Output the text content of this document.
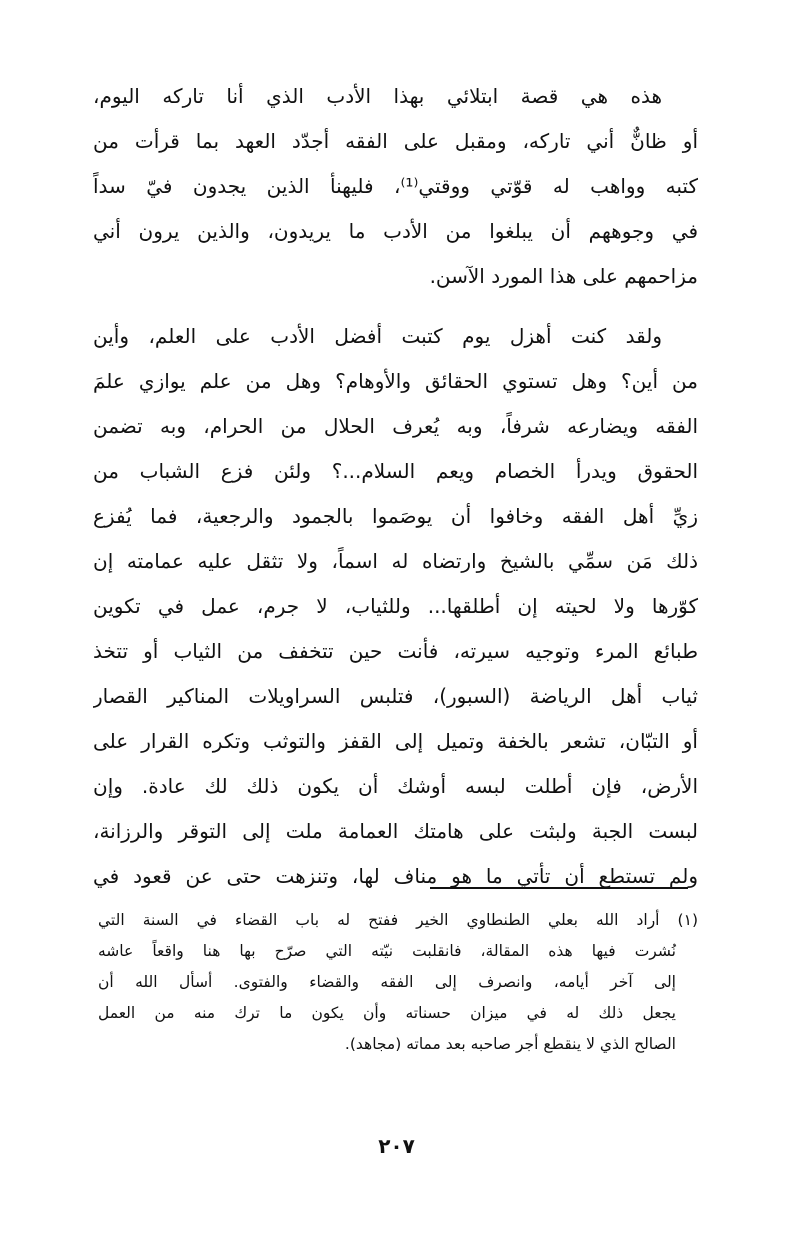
هذه هي قصة ابتلائي بهذا الأدب الذي أنا تاركه اليوم،
أو ظانٌّ أني تاركه، ومقبل على الفقه أجدّد العهد بما قرأت من
كتبه وواهب له قوّتي ووقتي⁽¹⁾، فليهنأ الذين يجدون فيّ سداً
في وجوههم أن يبلغوا من الأدب ما يريدون، والذين يرون أني
مزاحمهم على هذا المورد الآسن.

ولقد كنت أهزل يوم كتبت أفضل الأدب على العلم، وأين
من أين؟ وهل تستوي الحقائق والأوهام؟ وهل من علم يوازي علمَ
الفقه ويضارعه شرفاً، وبه يُعرف الحلال من الحرام، وبه تضمن
الحقوق ويدرأ الخصام ويعم السلام...؟ ولئن فزع الشباب من
زيِّ أهل الفقه وخافوا أن يوصَموا بالجمود والرجعية، فما يُفزع
ذلك مَن سمِّي بالشيخ وارتضاه له اسماً، ولا تثقل عليه عمامته إن
كوّرها ولا لحيته إن أطلقها... وللثياب، لا جرم، عمل في تكوين
طبائع المرء وتوجيه سيرته، فأنت حين تتخفف من الثياب أو تتخذ
ثياب أهل الرياضة (السبور)، فتلبس السراويلات المناكير القصار
أو التبّان، تشعر بالخفة وتميل إلى القفز والتوثب وتكره القرار على
الأرض، فإن أطلت لبسه أوشك أن يكون ذلك لك عادة. وإن
لبست الجبة ولبثت على هامتك العمامة ملت إلى التوقر والرزانة،
ولم تستطع أن تأتي ما هو مناف لها، وتنزهت حتى عن قعود في

(١) أراد الله بعلي الطنطاوي الخير ففتح له باب القضاء في السنة التي
نُشرت فيها هذه المقالة، فانقلبت نيّته التي صرّح بها هنا واقعاً عاشه
إلى آخر أيامه، وانصرف إلى الفقه والقضاء والفتوى. أسأل الله أن
يجعل ذلك له في ميزان حسناته وأن يكون ما ترك منه من العمل
الصالح الذي لا ينقطع أجر صاحبه بعد مماته (مجاهد).
٢٠٧
